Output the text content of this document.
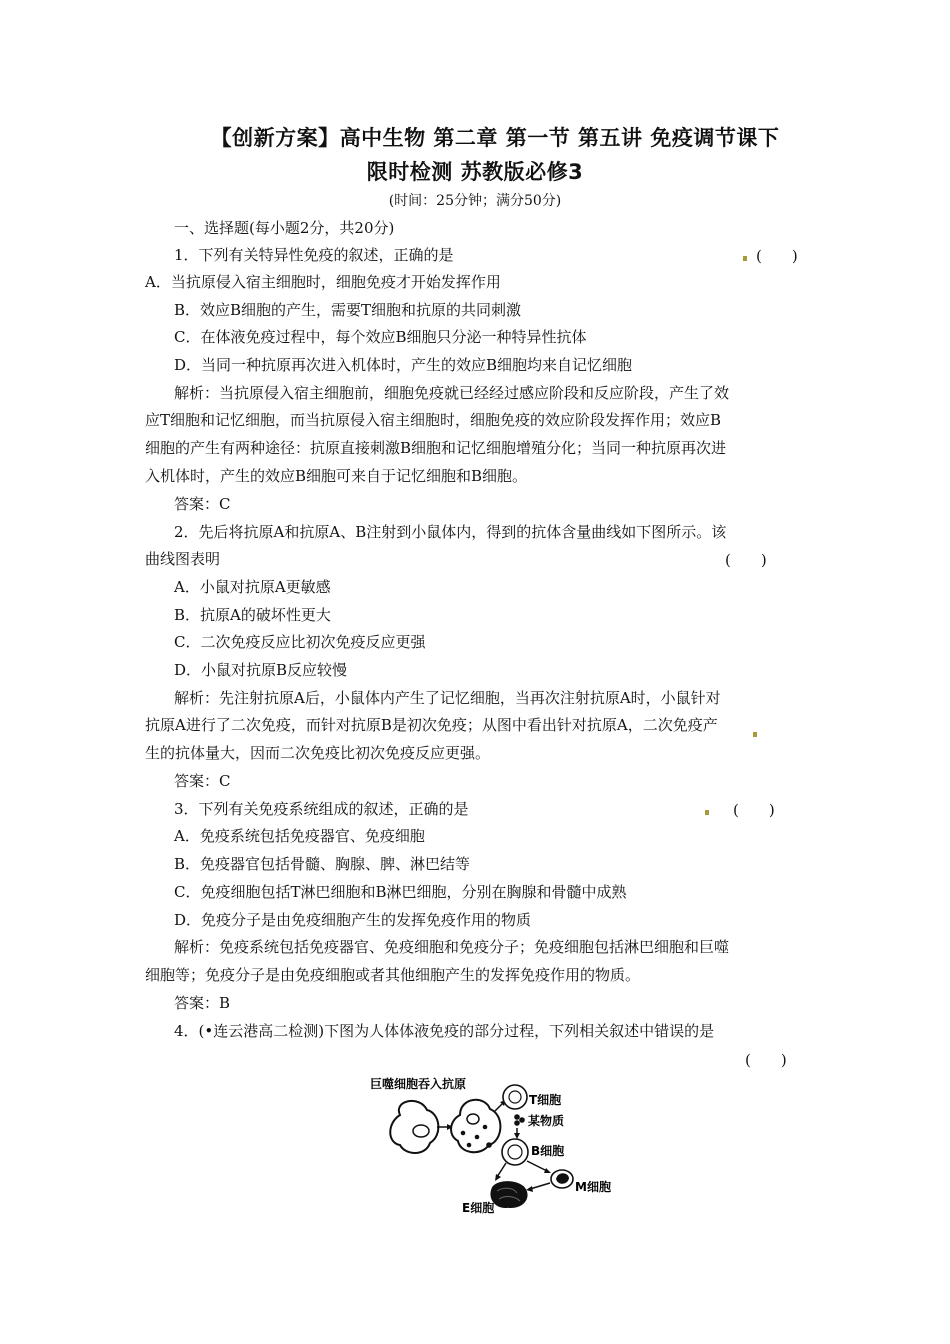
【创新方案】高中生物 第二章 第一节 第五讲 免疫调节课下
限时检测 苏教版必修3
(时间：25分钟；满分50分)
一、选择题(每小题2分，共20分)
1．下列有关特异性免疫的叙述，正确的是	(　　)
A．当抗原侵入宿主细胞时，细胞免疫才开始发挥作用
B．效应B细胞的产生，需要T细胞和抗原的共同刺激
C．在体液免疫过程中，每个效应B细胞只分泌一种特异性抗体
D．当同一种抗原再次进入机体时，产生的效应B细胞均来自记忆细胞
解析：当抗原侵入宿主细胞前，细胞免疫就已经经过感应阶段和反应阶段，产生了效
应T细胞和记忆细胞，而当抗原侵入宿主细胞时，细胞免疫的效应阶段发挥作用；效应B
细胞的产生有两种途径：抗原直接刺激B细胞和记忆细胞增殖分化；当同一种抗原再次进
入机体时，产生的效应B细胞可来自于记忆细胞和B细胞。
答案：C
2．先后将抗原A和抗原A、B注射到小鼠体内，得到的抗体含量曲线如下图所示。该
曲线图表明	(　　)
A．小鼠对抗原A更敏感
B．抗原A的破坏性更大
C．二次免疫反应比初次免疫反应更强
D．小鼠对抗原B反应较慢
解析：先注射抗原A后，小鼠体内产生了记忆细胞，当再次注射抗原A时，小鼠针对
抗原A进行了二次免疫，而针对抗原B是初次免疫；从图中看出针对抗原A，二次免疫产
生的抗体量大，因而二次免疫比初次免疫反应更强。
答案：C
3．下列有关免疫系统组成的叙述，正确的是	(　　)
A．免疫系统包括免疫器官、免疫细胞
B．免疫器官包括骨髓、胸腺、脾、淋巴结等
C．免疫细胞包括T淋巴细胞和B淋巴细胞，分别在胸腺和骨髓中成熟
D．免疫分子是由免疫细胞产生的发挥免疫作用的物质
解析：免疫系统包括免疫器官、免疫细胞和免疫分子；免疫细胞包括淋巴细胞和巨噬
细胞等；免疫分子是由免疫细胞或者其他细胞产生的发挥免疫作用的物质。
答案：B
4．(•连云港高二检测)下图为人体体液免疫的部分过程，下列相关叙述中错误的是
(　　)
巨噬细胞吞入抗原
T细胞
某物质
B细胞
M细胞
E细胞
